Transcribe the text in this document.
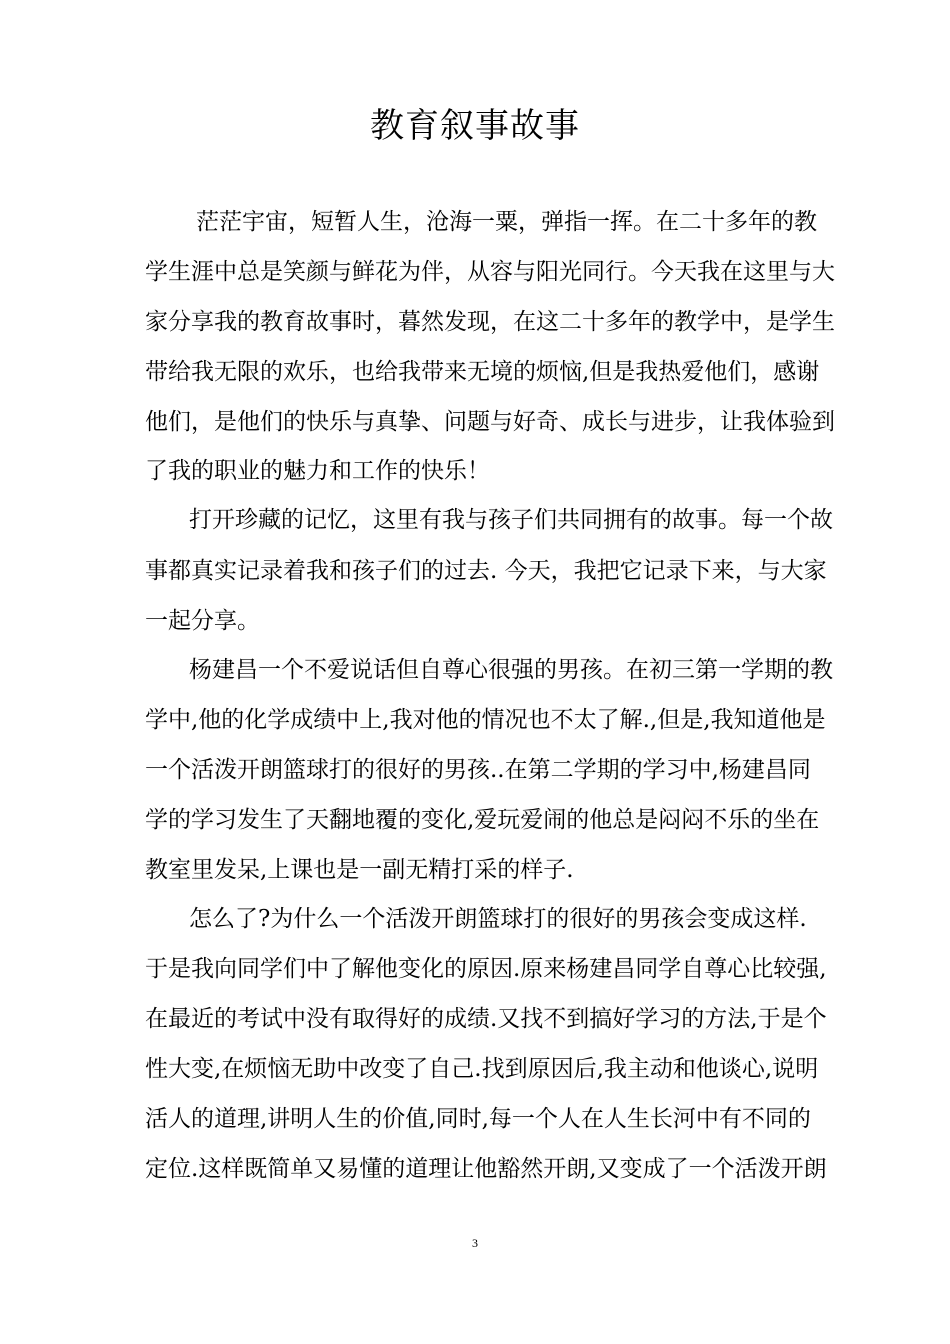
教育叙事故事

茫茫宇宙，短暂人生，沧海一粟，弹指一挥。在二十多年的教

学生涯中总是笑颜与鲜花为伴，从容与阳光同行。今天我在这里与大

家分享我的教育故事时，暮然发现，在这二十多年的教学中，是学生

带给我无限的欢乐，也给我带来无境的烦恼,但是我热爱他们，感谢

他们，是他们的快乐与真挚、问题与好奇、成长与进步，让我体验到

了我的职业的魅力和工作的快乐！

打开珍藏的记忆，这里有我与孩子们共同拥有的故事。每一个故

事都真实记录着我和孩子们的过去. 今天，我把它记录下来，与大家

一起分享。

杨建昌一个不爱说话但自尊心很强的男孩。在初三第一学期的教

学中,他的化学成绩中上,我对他的情况也不太了解.,但是,我知道他是

一个活泼开朗篮球打的很好的男孩..在第二学期的学习中,杨建昌同

学的学习发生了天翻地覆的变化,爱玩爱闹的他总是闷闷不乐的坐在

教室里发呆,上课也是一副无精打采的样子.

怎么了?为什么一个活泼开朗篮球打的很好的男孩会变成这样.

于是我向同学们中了解他变化的原因.原来杨建昌同学自尊心比较强,

在最近的考试中没有取得好的成绩.又找不到搞好学习的方法,于是个

性大变,在烦恼无助中改变了自己.找到原因后,我主动和他谈心,说明

活人的道理,讲明人生的价值,同时,每一个人在人生长河中有不同的

定位.这样既简单又易懂的道理让他豁然开朗,又变成了一个活泼开朗

3
